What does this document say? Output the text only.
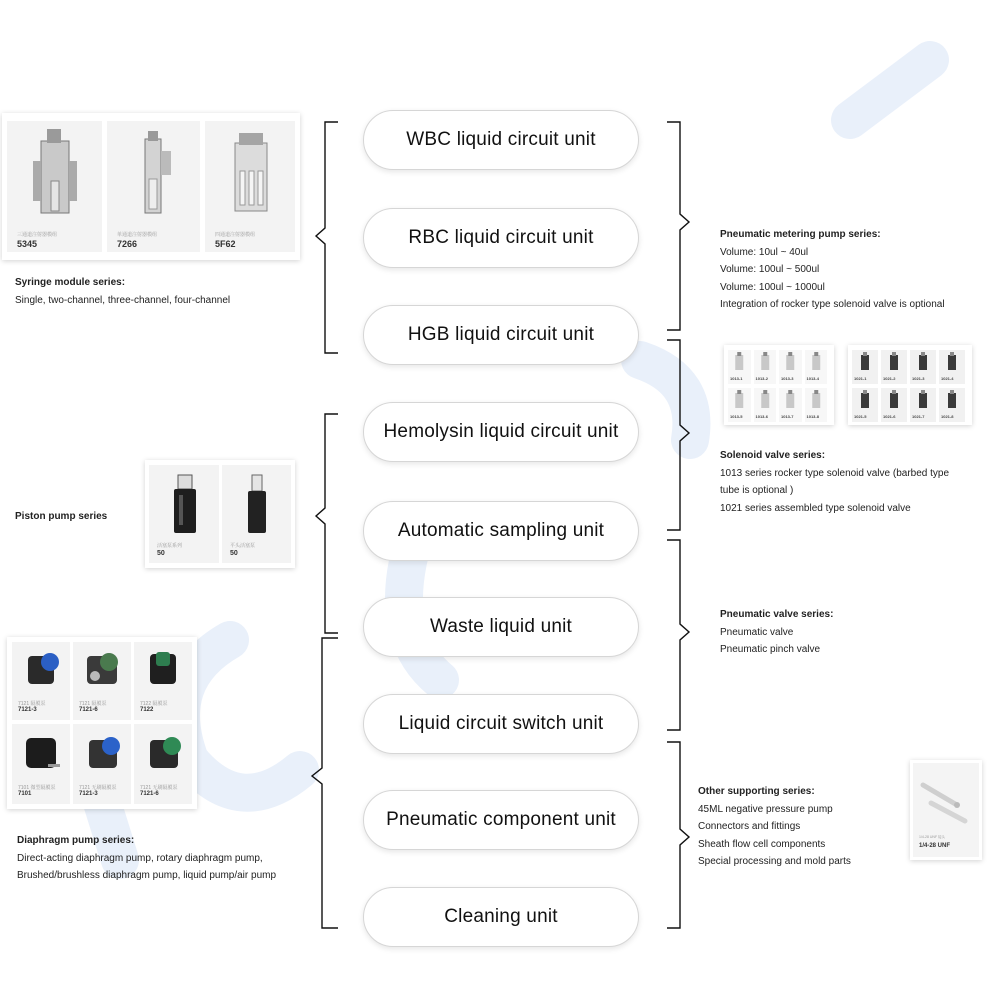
WBC liquid circuit unit
RBC liquid circuit unit
HGB liquid circuit unit
Hemolysin liquid circuit unit
Automatic sampling unit
Waste liquid unit
Liquid circuit switch unit
Pneumatic component unit
Cleaning unit
三通道注射器模组
5345
单通道注射器模组
7266
四通道注射器模组
5F62
Syringe module series:
Single, two-channel, three-channel, four-channel
Piston pump series
活塞泵系列
50
平头活塞泵
50
7121 隔膜泵
7121-3
7121 隔膜泵
7121-6
7122 隔膜泵
7122
7101 微型隔膜泵
7101
7121 无刷隔膜泵
7121-3
7121 无刷隔膜泵
7121-6
Diaphragm pump series:
Direct-acting diaphragm pump, rotary diaphragm pump,
Brushed/brushless diaphragm pump, liquid pump/air pump
Pneumatic metering pump series:
Volume: 10ul ~ 40ul
Volume: 100ul ~ 500ul
Volume: 100ul ~ 1000ul
Integration of rocker type solenoid valve is optional
1013-1	1013-2	1013-3	1013-4
1013-5	1013-6	1013-7	1013-8
1021-1	1021-2	1021-3	1021-4
1021-5	1021-6	1021-7	1021-8
Solenoid valve series:
1013 series rocker type solenoid valve (barbed type
tube is optional )
1021 series assembled type solenoid valve
Pneumatic valve series:
Pneumatic valve
Pneumatic pinch valve
Other supporting series:
45ML negative pressure pump
Connectors and fittings
Sheath flow cell components
Special processing and mold parts
1/4-28 UNF 接头
1/4-28 UNF
